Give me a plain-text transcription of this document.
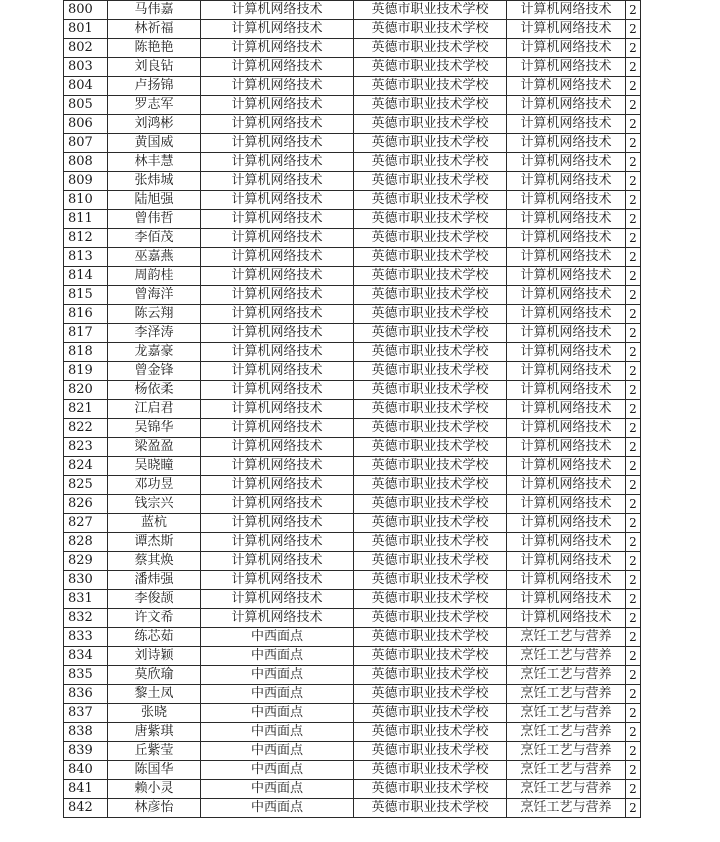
800	马伟嘉	计算机网络技术	英德市职业技术学校	计算机网络技术	2
801	林祈福	计算机网络技术	英德市职业技术学校	计算机网络技术	2
802	陈艳艳	计算机网络技术	英德市职业技术学校	计算机网络技术	2
803	刘良钻	计算机网络技术	英德市职业技术学校	计算机网络技术	2
804	卢扬锦	计算机网络技术	英德市职业技术学校	计算机网络技术	2
805	罗志军	计算机网络技术	英德市职业技术学校	计算机网络技术	2
806	刘鸿彬	计算机网络技术	英德市职业技术学校	计算机网络技术	2
807	黄国威	计算机网络技术	英德市职业技术学校	计算机网络技术	2
808	林丰慧	计算机网络技术	英德市职业技术学校	计算机网络技术	2
809	张炜城	计算机网络技术	英德市职业技术学校	计算机网络技术	2
810	陆旭强	计算机网络技术	英德市职业技术学校	计算机网络技术	2
811	曾伟哲	计算机网络技术	英德市职业技术学校	计算机网络技术	2
812	李佰茂	计算机网络技术	英德市职业技术学校	计算机网络技术	2
813	巫嘉燕	计算机网络技术	英德市职业技术学校	计算机网络技术	2
814	周韵桂	计算机网络技术	英德市职业技术学校	计算机网络技术	2
815	曾海洋	计算机网络技术	英德市职业技术学校	计算机网络技术	2
816	陈云翔	计算机网络技术	英德市职业技术学校	计算机网络技术	2
817	李泽涛	计算机网络技术	英德市职业技术学校	计算机网络技术	2
818	龙嘉豪	计算机网络技术	英德市职业技术学校	计算机网络技术	2
819	曾金锋	计算机网络技术	英德市职业技术学校	计算机网络技术	2
820	杨依柔	计算机网络技术	英德市职业技术学校	计算机网络技术	2
821	江启君	计算机网络技术	英德市职业技术学校	计算机网络技术	2
822	吴锦华	计算机网络技术	英德市职业技术学校	计算机网络技术	2
823	梁盈盈	计算机网络技术	英德市职业技术学校	计算机网络技术	2
824	吴晓瞳	计算机网络技术	英德市职业技术学校	计算机网络技术	2
825	邓功昱	计算机网络技术	英德市职业技术学校	计算机网络技术	2
826	钱宗兴	计算机网络技术	英德市职业技术学校	计算机网络技术	2
827	蓝杭	计算机网络技术	英德市职业技术学校	计算机网络技术	2
828	谭杰斯	计算机网络技术	英德市职业技术学校	计算机网络技术	2
829	蔡其焕	计算机网络技术	英德市职业技术学校	计算机网络技术	2
830	潘炜强	计算机网络技术	英德市职业技术学校	计算机网络技术	2
831	李俊颉	计算机网络技术	英德市职业技术学校	计算机网络技术	2
832	许文希	计算机网络技术	英德市职业技术学校	计算机网络技术	2
833	练芯茹	中西面点	英德市职业技术学校	烹饪工艺与营养	2
834	刘诗颖	中西面点	英德市职业技术学校	烹饪工艺与营养	2
835	莫欣瑜	中西面点	英德市职业技术学校	烹饪工艺与营养	2
836	黎土凤	中西面点	英德市职业技术学校	烹饪工艺与营养	2
837	张晓	中西面点	英德市职业技术学校	烹饪工艺与营养	2
838	唐紫琪	中西面点	英德市职业技术学校	烹饪工艺与营养	2
839	丘紫莹	中西面点	英德市职业技术学校	烹饪工艺与营养	2
840	陈国华	中西面点	英德市职业技术学校	烹饪工艺与营养	2
841	赖小灵	中西面点	英德市职业技术学校	烹饪工艺与营养	2
842	林彦怡	中西面点	英德市职业技术学校	烹饪工艺与营养	2
